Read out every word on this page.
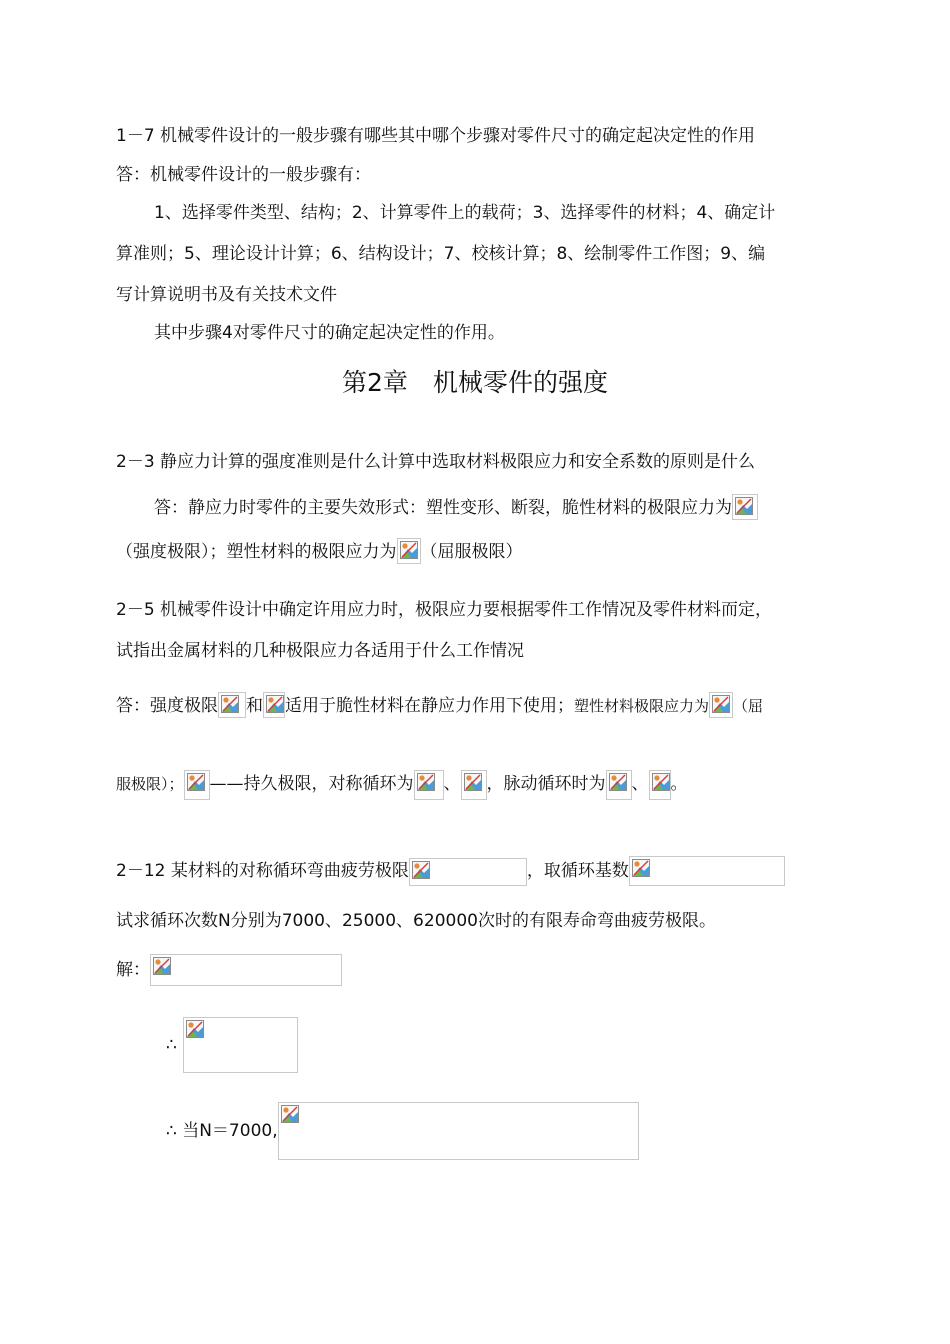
1－7 机械零件设计的一般步骤有哪些其中哪个步骤对零件尺寸的确定起决定性的作用
答：机械零件设计的一般步骤有：
1、选择零件类型、结构；2、计算零件上的载荷；3、选择零件的材料；4、确定计
算准则；5、理论设计计算；6、结构设计；7、校核计算；8、绘制零件工作图；9、编
写计算说明书及有关技术文件
其中步骤4对零件尺寸的确定起决定性的作用。
第2章　机械零件的强度
2－3 静应力计算的强度准则是什么计算中选取材料极限应力和安全系数的原则是什么
答：静应力时零件的主要失效形式：塑性变形、断裂，脆性材料的极限应力为
（强度极限）；塑性材料的极限应力为 （屈服极限）
2－5 机械零件设计中确定许用应力时，极限应力要根据零件工作情况及零件材料而定，
试指出金属材料的几种极限应力各适用于什么工作情况
答：强度极限 和 适用于脆性材料在静应力作用下使用；塑性材料极限应力为 （屈
服极限）； ——持久极限，对称循环为 、 ，脉动循环时为 、 。
2－12 某材料的对称循环弯曲疲劳极限	，取循环基数
试求循环次数N分别为7000、25000、620000次时的有限寿命弯曲疲劳极限。
解：
∴
∴ 当N＝7000,
